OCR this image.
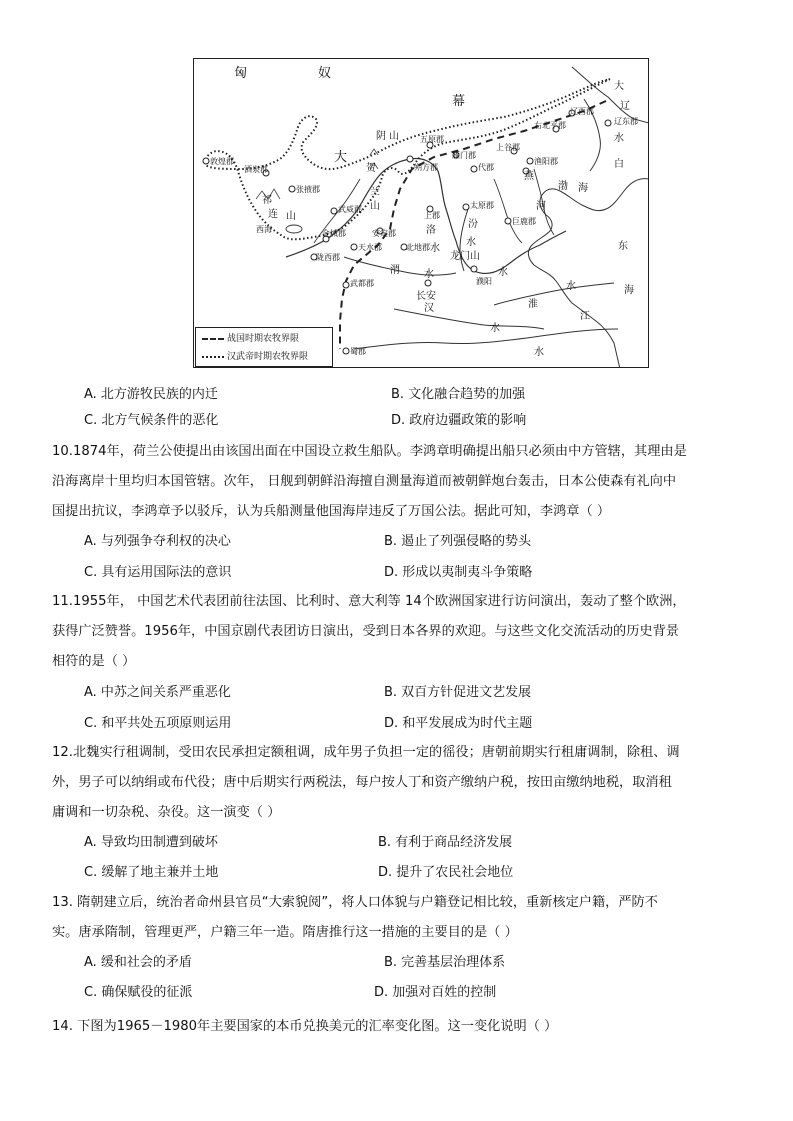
匈	奴
幕
大
阴 山
贺
兰
祁
连 山
山
五原郡
敦煌郡
酒泉郡
张掖郡
武威郡
西海	金城郡
陇西郡
安定郡
天水郡	北地郡
朔方郡
雁门郡
代郡
上谷郡
渔阳郡
右北平郡
辽西郡
辽东郡
大
辽
水
太原郡
上郡
巨鹿郡
渤 海
河
汾
水
洛
水
龙门山
渭 水
长安
武都郡	濮阳
水
淮
水
江
水
汉
水
蜀郡
东
海
白
燕
战国时期农牧界限
汉武帝时期农牧界限
A. 北方游牧民族的内迁	B. 文化融合趋势的加强
C. 北方气候条件的恶化	D. 政府边疆政策的影响

10.1874年，荷兰公使提出由该国出面在中国设立救生船队。李鸿章明确提出船只必须由中方管辖，其理由是

沿海离岸十里均归本国管辖。次年， 日舰到朝鲜沿海擅自测量海道而被朝鲜炮台轰击，日本公使森有礼向中

国提出抗议，李鸿章予以驳斥，认为兵船测量他国海岸违反了万国公法。据此可知，李鸿章（ ）

A. 与列强争夺利权的决心	B. 遏止了列强侵略的势头
C. 具有运用国际法的意识	D. 形成以夷制夷斗争策略

11.1955年， 中国艺术代表团前往法国、比利时、意大利等 14个欧洲国家进行访问演出，轰动了整个欧洲，

获得广泛赞誉。1956年，中国京剧代表团访日演出，受到日本各界的欢迎。与这些文化交流活动的历史背景

相符的是（ ）

A. 中苏之间关系严重恶化	B. 双百方针促进文艺发展
C. 和平共处五项原则运用	D. 和平发展成为时代主题

12.北魏实行租调制，受田农民承担定额租调，成年男子负担一定的徭役；唐朝前期实行租庸调制，除租、调

外，男子可以纳绢或布代役；唐中后期实行两税法，每户按人丁和资产缴纳户税，按田亩缴纳地税，取消租

庸调和一切杂税、杂役。这一演变（ ）

A. 导致均田制遭到破坏	B. 有利于商品经济发展
C. 缓解了地主兼并土地	D. 提升了农民社会地位

13. 隋朝建立后，统治者命州县官员“大索貌阅”，将人口体貌与户籍登记相比较，重新核定户籍，严防不

实。唐承隋制，管理更严，户籍三年一造。隋唐推行这一措施的主要目的是（ ）

A. 缓和社会的矛盾	B. 完善基层治理体系
C. 确保赋役的征派	D. 加强对百姓的控制

14. 下图为1965－1980年主要国家的本币兑换美元的汇率变化图。这一变化说明（ ）
